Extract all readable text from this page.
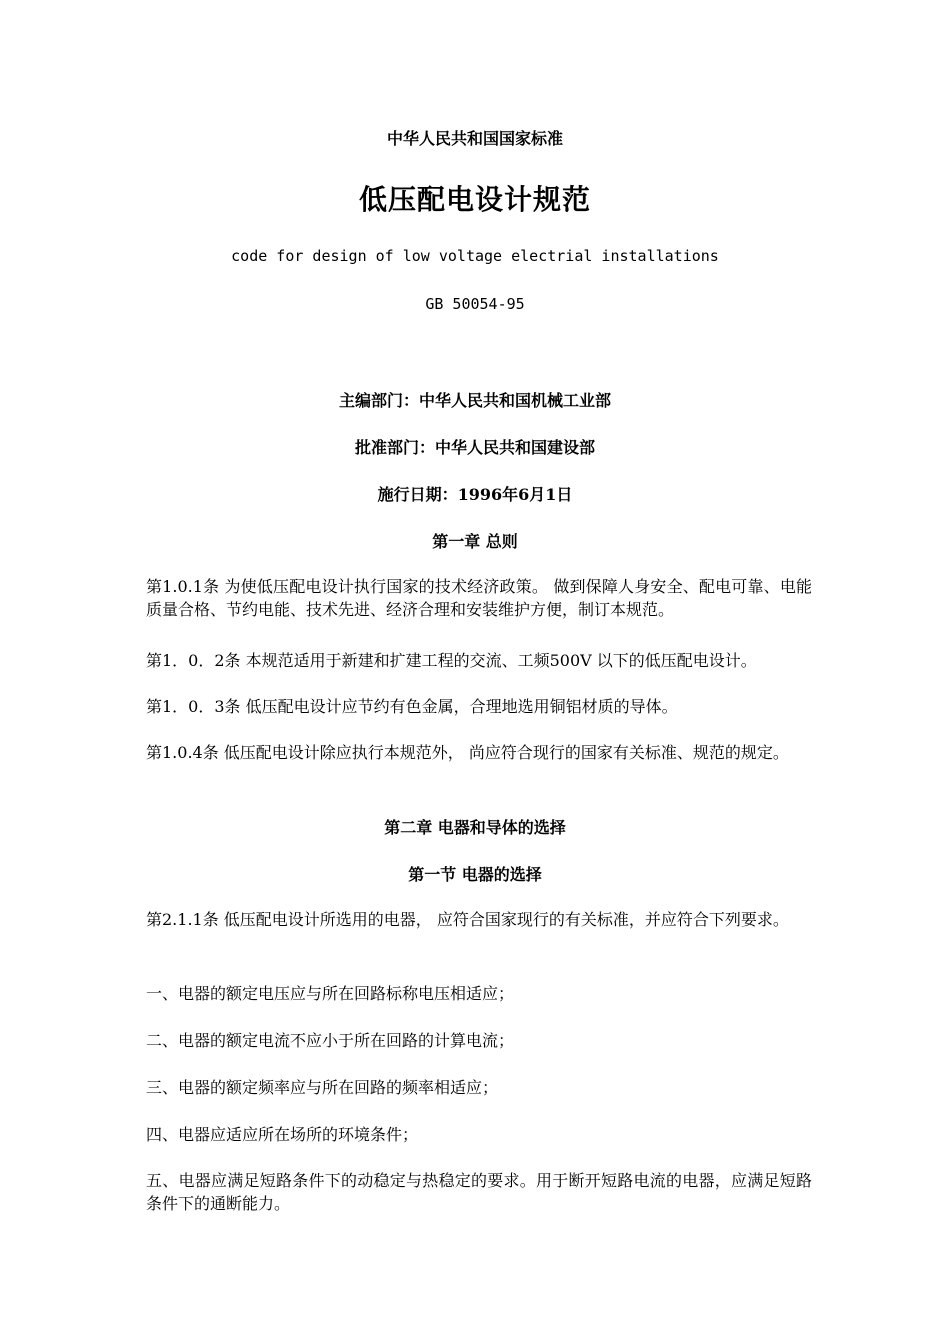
中华人民共和国国家标准
低压配电设计规范
code for design of low voltage electrial installations
GB 50054-95
主编部门：中华人民共和国机械工业部
批准部门：中华人民共和国建设部
施行日期：1996年6月1日
第一章 总则
第1.0.1条 为使低压配电设计执行国家的技术经济政策。 做到保障人身安全、配电可靠、电能质量合格、节约电能、技术先进、经济合理和安装维护方便，制订本规范。
第1．0．2条 本规范适用于新建和扩建工程的交流、工频500V 以下的低压配电设计。
第1．0．3条 低压配电设计应节约有色金属，合理地选用铜铝材质的导体。
第1.0.4条 低压配电设计除应执行本规范外， 尚应符合现行的国家有关标准、规范的规定。
第二章 电器和导体的选择
第一节 电器的选择
第2.1.1条 低压配电设计所选用的电器， 应符合国家现行的有关标准，并应符合下列要求。
一、电器的额定电压应与所在回路标称电压相适应；
二、电器的额定电流不应小于所在回路的计算电流；
三、电器的额定频率应与所在回路的频率相适应；
四、电器应适应所在场所的环境条件；
五、电器应满足短路条件下的动稳定与热稳定的要求。用于断开短路电流的电器，应满足短路条件下的通断能力。
